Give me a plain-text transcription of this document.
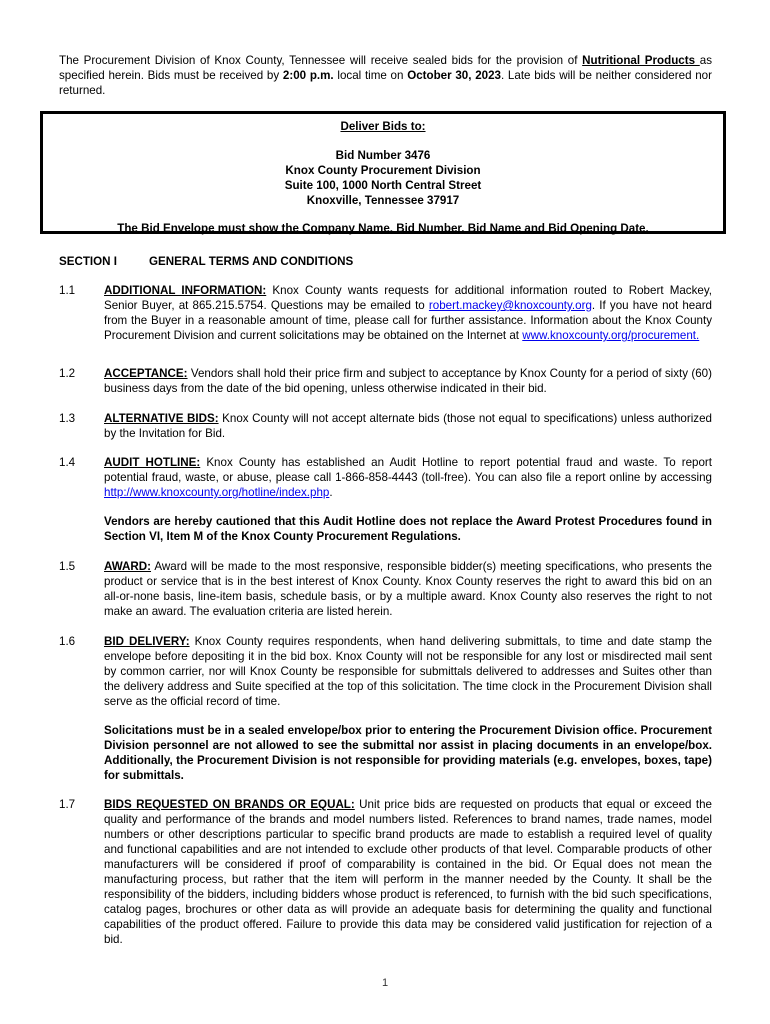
The Procurement Division of Knox County, Tennessee will receive sealed bids for the provision of Nutritional Products as specified herein. Bids must be received by 2:00 p.m. local time on October 30, 2023. Late bids will be neither considered nor returned.
Deliver Bids to:
Bid Number 3476
Knox County Procurement Division
Suite 100, 1000 North Central Street
Knoxville, Tennessee 37917
The Bid Envelope must show the Company Name, Bid Number, Bid Name and Bid Opening Date.
SECTION I	GENERAL TERMS AND CONDITIONS
1.1	ADDITIONAL INFORMATION: Knox County wants requests for additional information routed to Robert Mackey, Senior Buyer, at 865.215.5754. Questions may be emailed to robert.mackey@knoxcounty.org. If you have not heard from the Buyer in a reasonable amount of time, please call for further assistance. Information about the Knox County Procurement Division and current solicitations may be obtained on the Internet at www.knoxcounty.org/procurement.
1.2	ACCEPTANCE: Vendors shall hold their price firm and subject to acceptance by Knox County for a period of sixty (60) business days from the date of the bid opening, unless otherwise indicated in their bid.
1.3	ALTERNATIVE BIDS: Knox County will not accept alternate bids (those not equal to specifications) unless authorized by the Invitation for Bid.
1.4	AUDIT HOTLINE: Knox County has established an Audit Hotline to report potential fraud and waste. To report potential fraud, waste, or abuse, please call 1-866-858-4443 (toll-free). You can also file a report online by accessing http://www.knoxcounty.org/hotline/index.php.

Vendors are hereby cautioned that this Audit Hotline does not replace the Award Protest Procedures found in Section VI, Item M of the Knox County Procurement Regulations.

1.5	AWARD: Award will be made to the most responsive, responsible bidder(s) meeting specifications, who presents the product or service that is in the best interest of Knox County. Knox County reserves the right to award this bid on an all-or-none basis, line-item basis, schedule basis, or by a multiple award. Knox County also reserves the right to not make an award. The evaluation criteria are listed herein.
1.6	BID DELIVERY: Knox County requires respondents, when hand delivering submittals, to time and date stamp the envelope before depositing it in the bid box. Knox County will not be responsible for any lost or misdirected mail sent by common carrier, nor will Knox County be responsible for submittals delivered to addresses and Suites other than the delivery address and Suite specified at the top of this solicitation. The time clock in the Procurement Division shall serve as the official record of time.

Solicitations must be in a sealed envelope/box prior to entering the Procurement Division office. Procurement Division personnel are not allowed to see the submittal nor assist in placing documents in an envelope/box. Additionally, the Procurement Division is not responsible for providing materials (e.g. envelopes, boxes, tape) for submittals.

1.7	BIDS REQUESTED ON BRANDS OR EQUAL: Unit price bids are requested on products that equal or exceed the quality and performance of the brands and model numbers listed. References to brand names, trade names, model numbers or other descriptions particular to specific brand products are made to establish a required level of quality and functional capabilities and are not intended to exclude other products of that level. Comparable products of other manufacturers will be considered if proof of comparability is contained in the bid. Or Equal does not mean the manufacturing process, but rather that the item will perform in the manner needed by the County. It shall be the responsibility of the bidders, including bidders whose product is referenced, to furnish with the bid such specifications, catalog pages, brochures or other data as will provide an adequate basis for determining the quality and functional capabilities of the product offered. Failure to provide this data may be considered valid justification for rejection of a bid.
1
